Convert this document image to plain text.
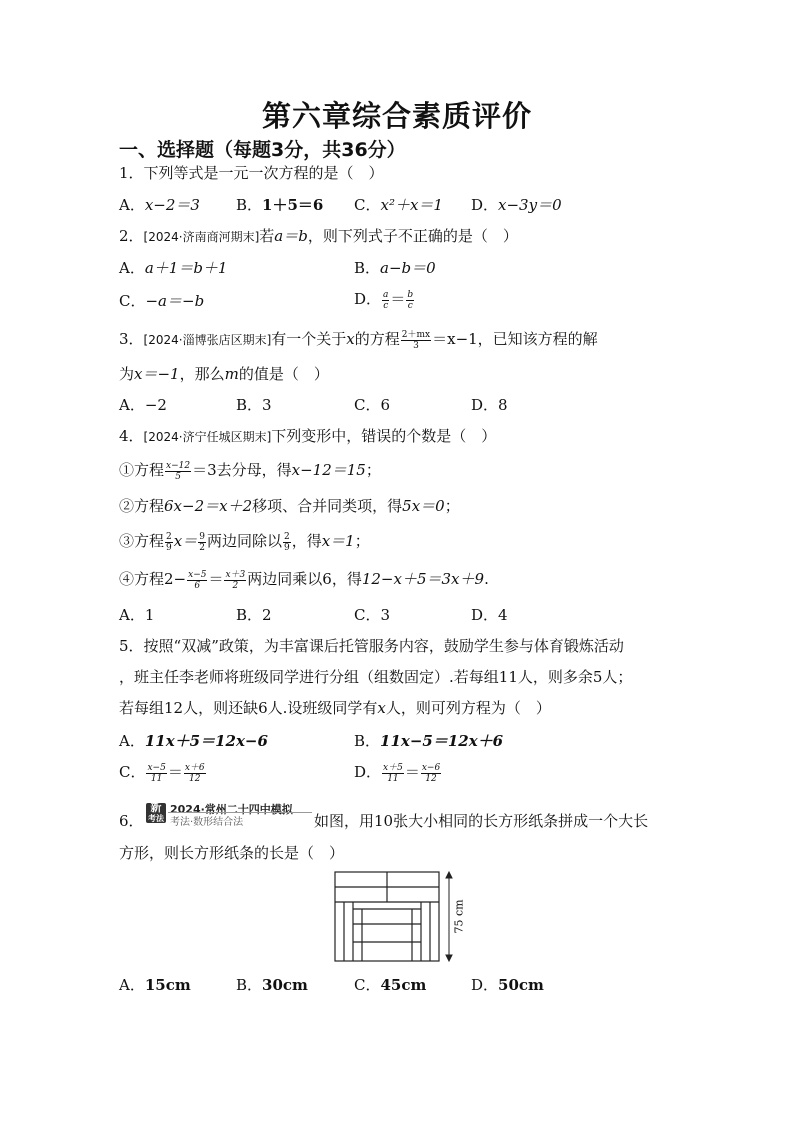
第六章综合素质评价
一、选择题（每题3分，共36分）
1．下列等式是一元一次方程的是（　）
A．x−2＝3 B．1＋5＝6 C．x²＋x＝1 D．x−3y＝0
2．[2024·济南商河期末]若a＝b，则下列式子不正确的是（　）
A．a＋1＝b＋1	B．a−b＝0
C．−a＝−b	D． $\frac{a}{c} = \frac{b}{c}$
3．[2024·淄博张店区期末]有一个关于x的方程 $\frac{2+mx}{3} =x-1$，已知该方程的解
为x＝−1，那么m的值是（　）
A．−2	B．3	C．6	D．8
4．[2024·济宁任城区期末]下列变形中，错误的个数是（　）
①方程 $\frac{x-12}{5} =3$去分母，得x−12＝15；
②方程6x−2＝x＋2移项、合并同类项，得5x＝0；
③方程 $\frac{2}{9} x= \frac{9}{2}$ 两边同除以 $\frac{2}{9}$ ，得x＝1；
④方程$2- \frac{x-5}{6} = \frac{x+3}{2}$ 两边同乘以6，得12−x＋5＝3x＋9.
A．1	B．2	C．3	D．4
5．按照“双减”政策，为丰富课后托管服务内容，鼓励学生参与体育锻炼活动
，班主任李老师将班级同学进行分组（组数固定）.若每组11人，则多余5人；
若每组12人，则还缺6人.设班级同学有x人，则可列方程为（　）
A．11x＋5＝12x−6	B．11x−5＝12x＋6
C． $\frac{x-5}{11} = \frac{x+6}{12}$	D． $\frac{x+5}{11} = \frac{x-6}{12}$
6．
新
考法
2024·常州二十四中模拟
考法·数形结合法	如图，用10张大小相同的长方形纸条拼成一个大长
方形，则长方形纸条的长是（　）
75 cm
A．15cm	B．30cm	C．45cm	D．50cm
